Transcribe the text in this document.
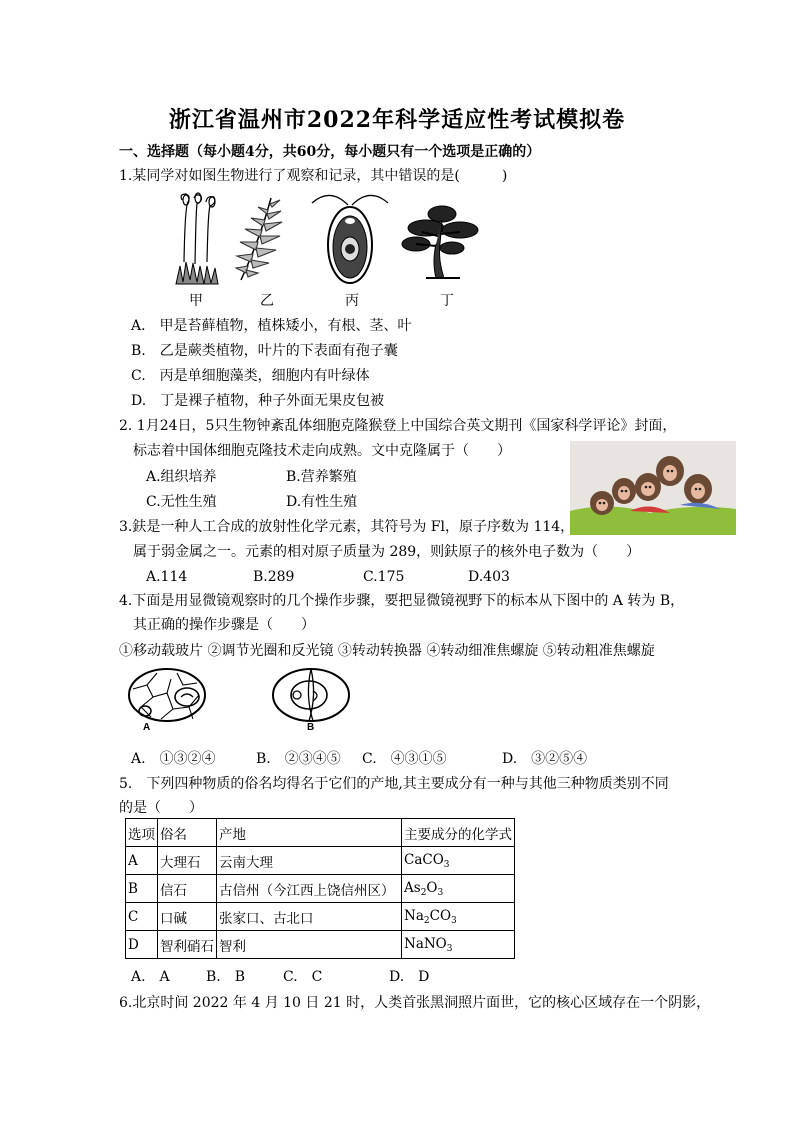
浙江省温州市2022年科学适应性考试模拟卷
一、选择题（每小题4分，共60分，每小题只有一个选项是正确的）
1.某同学对如图生物进行了观察和记录，其中错误的是(　　　)
甲	乙	丙	丁
A.　甲是苔藓植物，植株矮小，有根、茎、叶
B.　乙是蕨类植物，叶片的下表面有孢子囊
C.　丙是单细胞藻类，细胞内有叶绿体
D.　丁是裸子植物，种子外面无果皮包被
2. 1月24日，5只生物钟紊乱体细胞克隆猴登上中国综合英文期刊《国家科学评论》封面，
标志着中国体细胞克隆技术走向成熟。文中克隆属于（　　）
A.组织培养	B.营养繁殖
C.无性生殖	D.有性生殖
3.鈇是一种人工合成的放射性化学元素，其符号为 Fl，原子序数为 114，
属于弱金属之一。元素的相对原子质量为 289，则鈇原子的核外电子数为（　　）
A.114	B.289	C.175	D.403
4.下面是用显微镜观察时的几个操作步骤，要把显微镜视野下的标本从下图中的 A 转为 B，
其正确的操作步骤是（　　）
①移动载玻片 ②调节光圈和反光镜 ③转动转换器 ④转动细准焦螺旋 ⑤转动粗准焦螺旋
A	B
A.　①③②④	B.　②③④⑤ C.　④③①⑤	D.　③②⑤④
5.　下列四种物质的俗名均得名于它们的产地,其主要成分有一种与其他三种物质类别不同
的是（　　）
选项	俗名	产地	主要成分的化学式
A	大理石	云南大理	CaCO$_3$
B	信石	古信州（今江西上饶信州区）	$As_2O_3$
C	口碱	张家口、古北口	$Na_2CO_3$
D	智利硝石	智利	NaNO$_3$
A.　A	B.　B	C.　C	D.　D
6.北京时间 2022 年 4 月 10 日 21 时，人类首张黑洞照片面世，它的核心区域存在一个阴影，
